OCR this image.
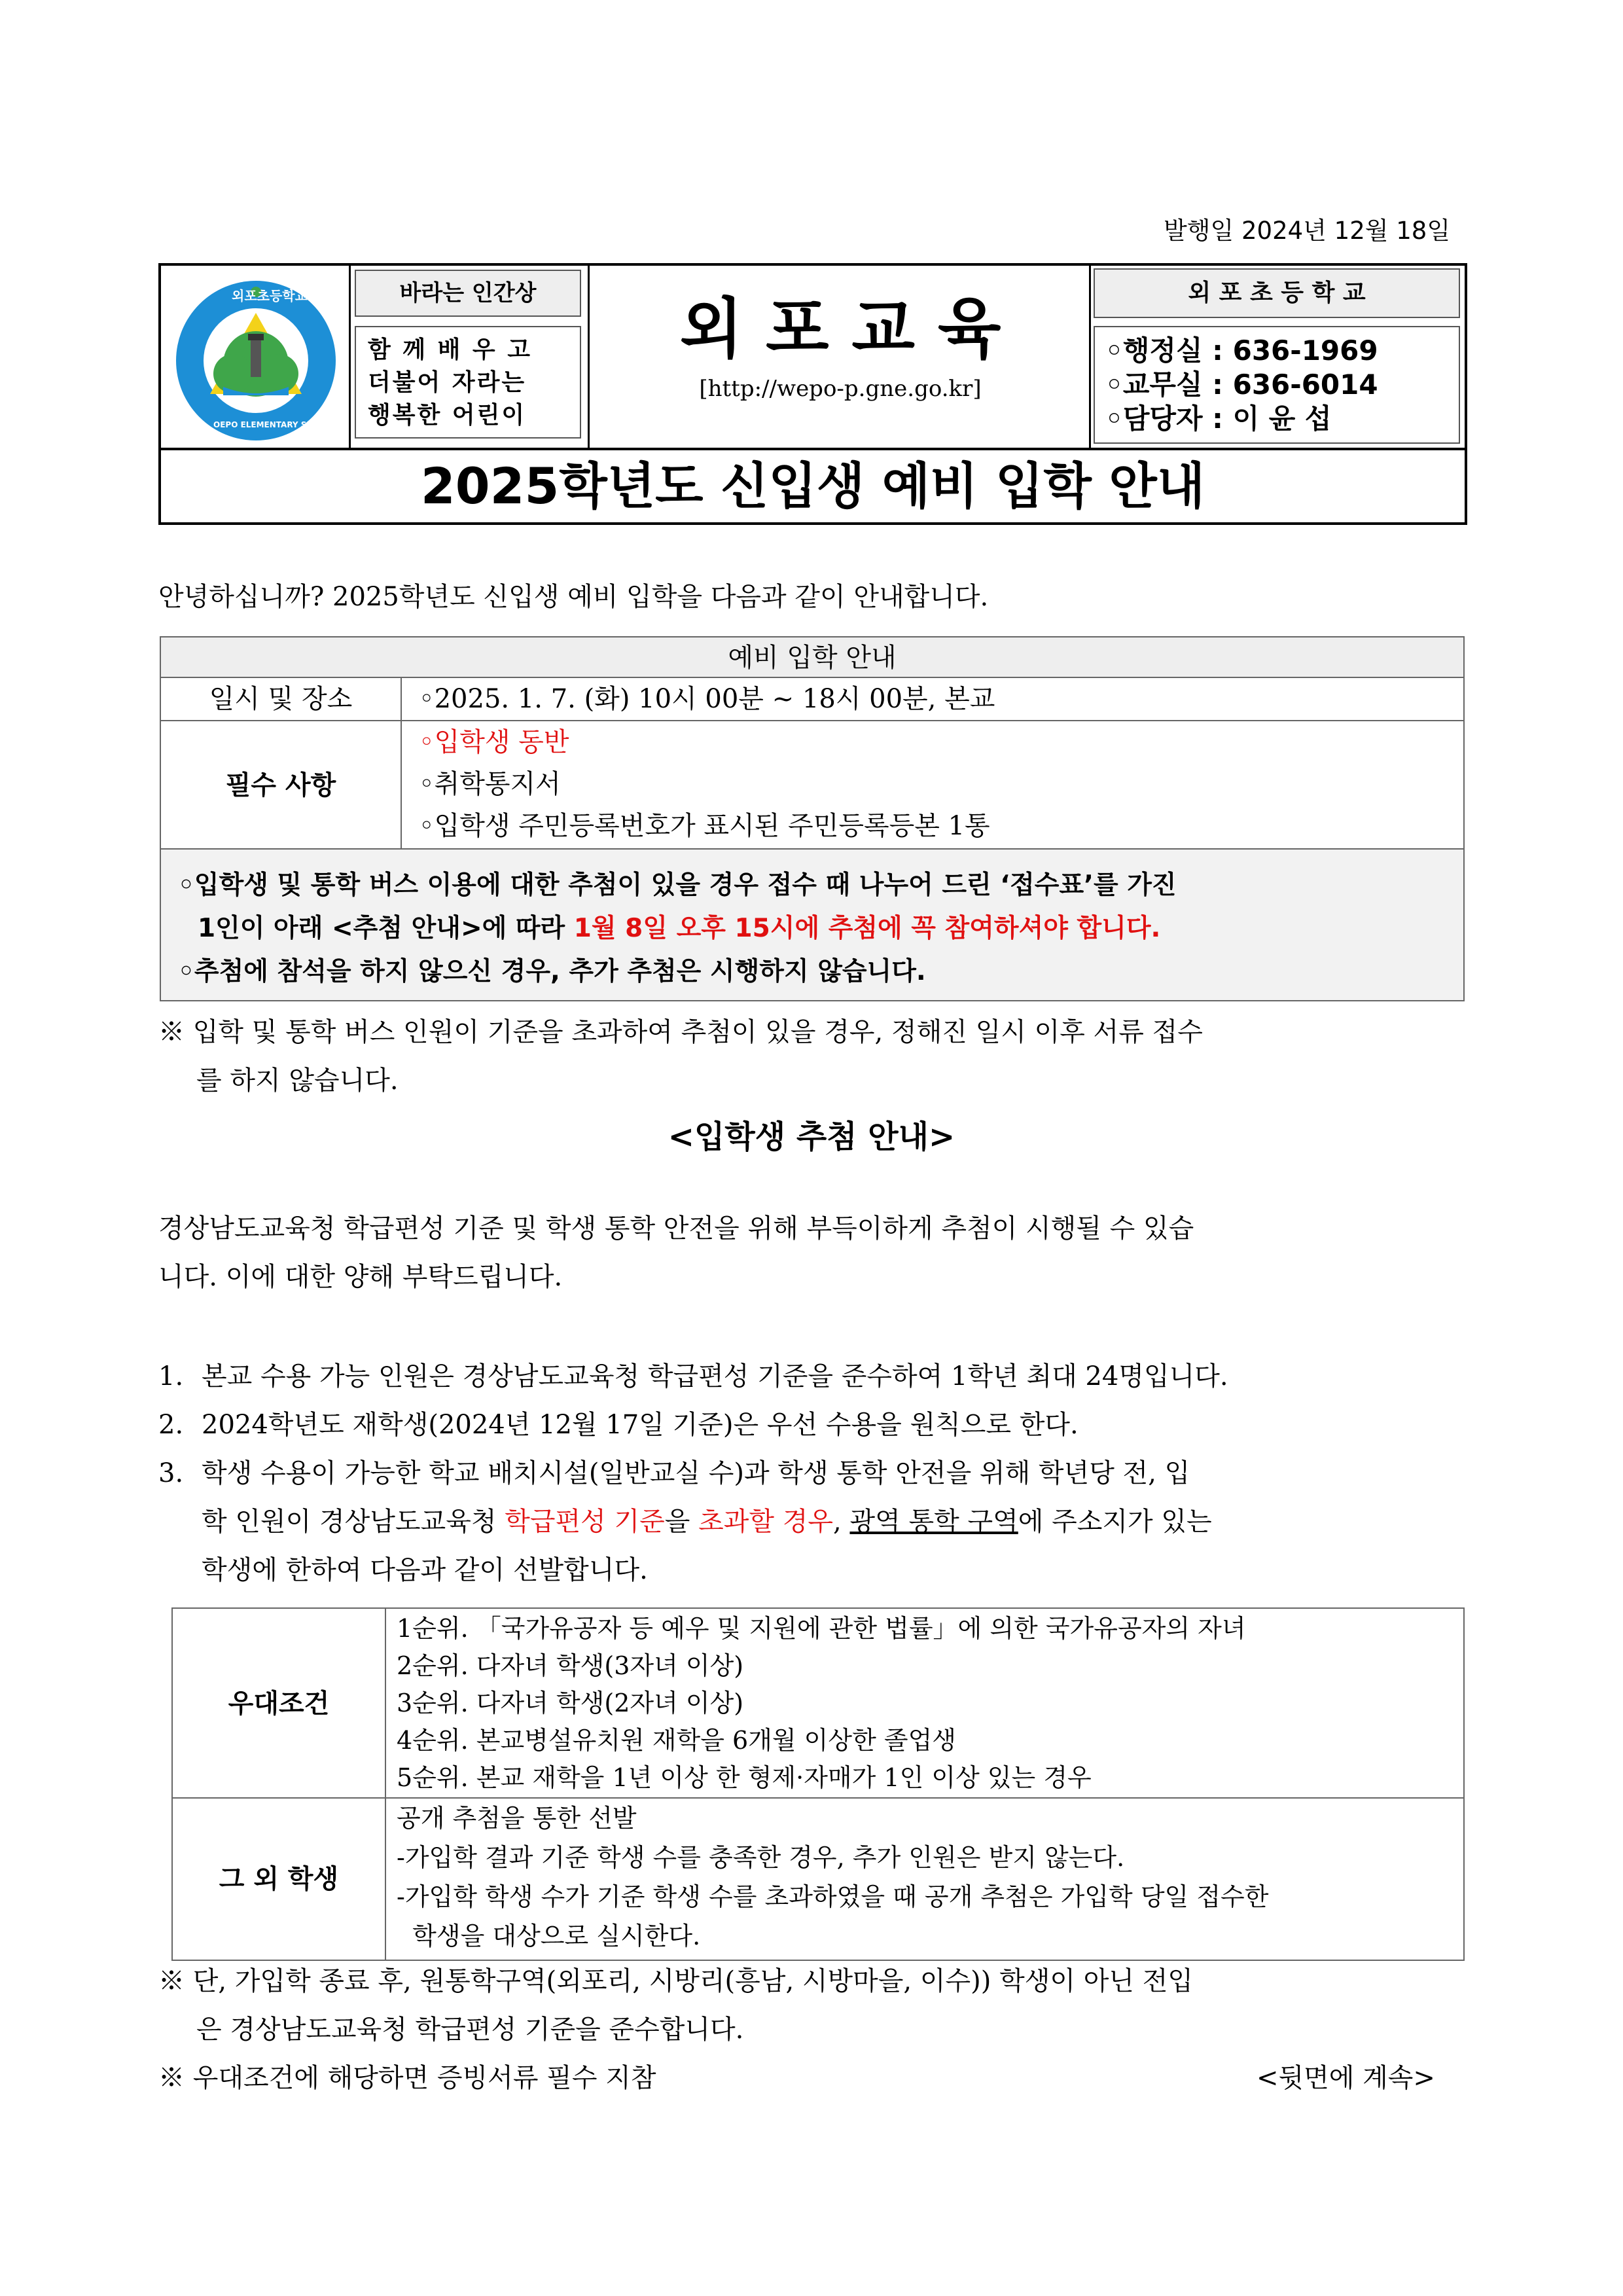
발행일 2024년 12월 18일
외포초등학교
OEPO ELEMENTARY SCHOOL
바라는 인간상
함 께 배 우 고
더불어 자라는
행복한 어린이
외 포 교 육
[http://wepo-p.gne.go.kr]
외 포 초 등 학 교
◦행정실 : 636-1969
◦교무실 : 636-6014
◦담당자 : 이 윤 섭
2025학년도 신입생 예비 입학 안내
안녕하십니까? 2025학년도 신입생 예비 입학을 다음과 같이 안내합니다.
예비 입학 안내
일시 및 장소	◦2025. 1. 7. (화) 10시 00분 ~ 18시 00분, 본교
필수 사항
◦입학생 동반
◦취학통지서
◦입학생 주민등록번호가 표시된 주민등록등본 1통
◦입학생 및 통학 버스 이용에 대한 추첨이 있을 경우 접수 때 나누어 드린 ‘접수표’를 가진
1인이 아래 <추첨 안내>에 따라 1월 8일 오후 15시에 추첨에 꼭 참여하셔야 합니다.
◦추첨에 참석을 하지 않으신 경우, 추가 추첨은 시행하지 않습니다.
※ 입학 및 통학 버스 인원이 기준을 초과하여 추첨이 있을 경우, 정해진 일시 이후 서류 접수
를 하지 않습니다.
<입학생 추첨 안내>
경상남도교육청 학급편성 기준 및 학생 통학 안전을 위해 부득이하게 추첨이 시행될 수 있습
니다. 이에 대한 양해 부탁드립니다.
1. 본교 수용 가능 인원은 경상남도교육청 학급편성 기준을 준수하여 1학년 최대 24명입니다.
2. 2024학년도 재학생(2024년 12월 17일 기준)은 우선 수용을 원칙으로 한다.
3. 학생 수용이 가능한 학교 배치시설(일반교실 수)과 학생 통학 안전을 위해 학년당 전, 입
학 인원이 경상남도교육청 학급편성 기준을 초과할 경우, 광역 통학 구역에 주소지가 있는
학생에 한하여 다음과 같이 선발합니다.
우대조건
1순위. 「국가유공자 등 예우 및 지원에 관한 법률」에 의한 국가유공자의 자녀
2순위. 다자녀 학생(3자녀 이상)
3순위. 다자녀 학생(2자녀 이상)
4순위. 본교병설유치원 재학을 6개월 이상한 졸업생
5순위. 본교 재학을 1년 이상 한 형제·자매가 1인 이상 있는 경우
그 외 학생
공개 추첨을 통한 선발
-가입학 결과 기준 학생 수를 충족한 경우, 추가 인원은 받지 않는다.
-가입학 학생 수가 기준 학생 수를 초과하였을 때 공개 추첨은 가입학 당일 접수한
학생을 대상으로 실시한다.
※ 단, 가입학 종료 후, 원통학구역(외포리, 시방리(흥남, 시방마을, 이수)) 학생이 아닌 전입
은 경상남도교육청 학급편성 기준을 준수합니다.
※ 우대조건에 해당하면 증빙서류 필수 지참	<뒷면에 계속>
